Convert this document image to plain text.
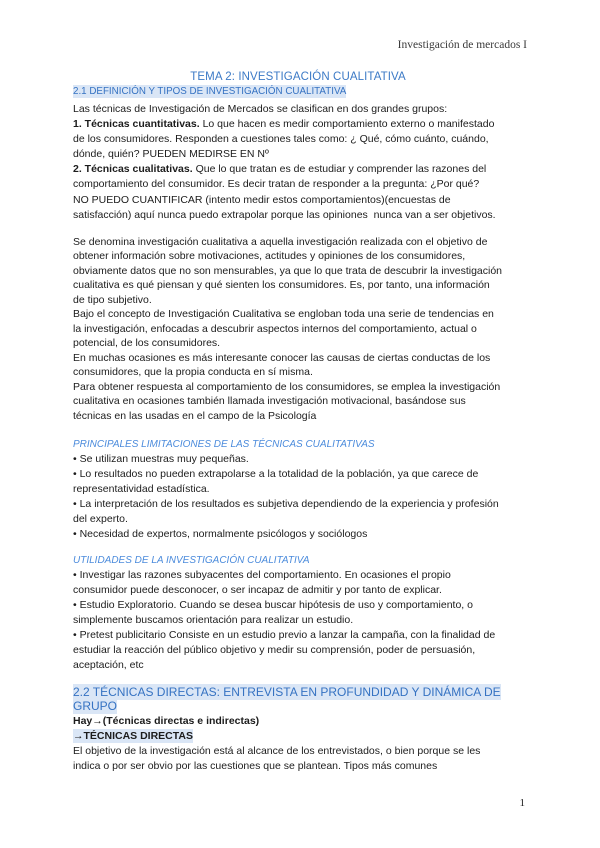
Investigación de mercados I
TEMA 2: INVESTIGACIÓN CUALITATIVA
2.1 DEFINICIÓN Y TIPOS DE INVESTIGACIÓN CUALITATIVA
Las técnicas de Investigación de Mercados se clasifican en dos grandes grupos:
1. Técnicas cuantitativas. Lo que hacen es medir comportamiento externo o manifestado
de los consumidores. Responden a cuestiones tales como: ¿ Qué, cómo cuánto, cuándo,
dónde, quién? PUEDEN MEDIRSE EN Nº
2. Técnicas cualitativas. Que lo que tratan es de estudiar y comprender las razones del
comportamiento del consumidor. Es decir tratan de responder a la pregunta: ¿Por qué?
NO PUEDO CUANTIFICAR (intento medir estos comportamientos)(encuestas de
satisfacción) aquí nunca puedo extrapolar porque las opiniones  nunca van a ser objetivos.
Se denomina investigación cualitativa a aquella investigación realizada con el objetivo de
obtener información sobre motivaciones, actitudes y opiniones de los consumidores,
obviamente datos que no son mensurables, ya que lo que trata de descubrir la investigación
cualitativa es qué piensan y qué sienten los consumidores. Es, por tanto, una información
de tipo subjetivo.
Bajo el concepto de Investigación Cualitativa se engloban toda una serie de tendencias en
la investigación, enfocadas a descubrir aspectos internos del comportamiento, actual o
potencial, de los consumidores.
En muchas ocasiones es más interesante conocer las causas de ciertas conductas de los
consumidores, que la propia conducta en sí misma.
Para obtener respuesta al comportamiento de los consumidores, se emplea la investigación
cualitativa en ocasiones también llamada investigación motivacional, basándose sus
técnicas en las usadas en el campo de la Psicología
PRINCIPALES LIMITACIONES DE LAS TÉCNICAS CUALITATIVAS
• Se utilizan muestras muy pequeñas.
• Lo resultados no pueden extrapolarse a la totalidad de la población, ya que carece de
representatividad estadística.
• La interpretación de los resultados es subjetiva dependiendo de la experiencia y profesión
del experto.
• Necesidad de expertos, normalmente psicólogos y sociólogos
UTILIDADES DE LA INVESTIGACIÓN CUALITATIVA
• Investigar las razones subyacentes del comportamiento. En ocasiones el propio
consumidor puede desconocer, o ser incapaz de admitir y por tanto de explicar.
• Estudio Exploratorio. Cuando se desea buscar hipótesis de uso y comportamiento, o
simplemente buscamos orientación para realizar un estudio.
• Pretest publicitario Consiste en un estudio previo a lanzar la campaña, con la finalidad de
estudiar la reacción del público objetivo y medir su comprensión, poder de persuasión,
aceptación, etc
2.2 TÉCNICAS DIRECTAS: ENTREVISTA EN PROFUNDIDAD Y DINÁMICA DE
GRUPO
Hay→(Técnicas directas e indirectas)
→TÉCNICAS DIRECTAS
El objetivo de la investigación está al alcance de los entrevistados, o bien porque se les
indica o por ser obvio por las cuestiones que se plantean. Tipos más comunes
1
